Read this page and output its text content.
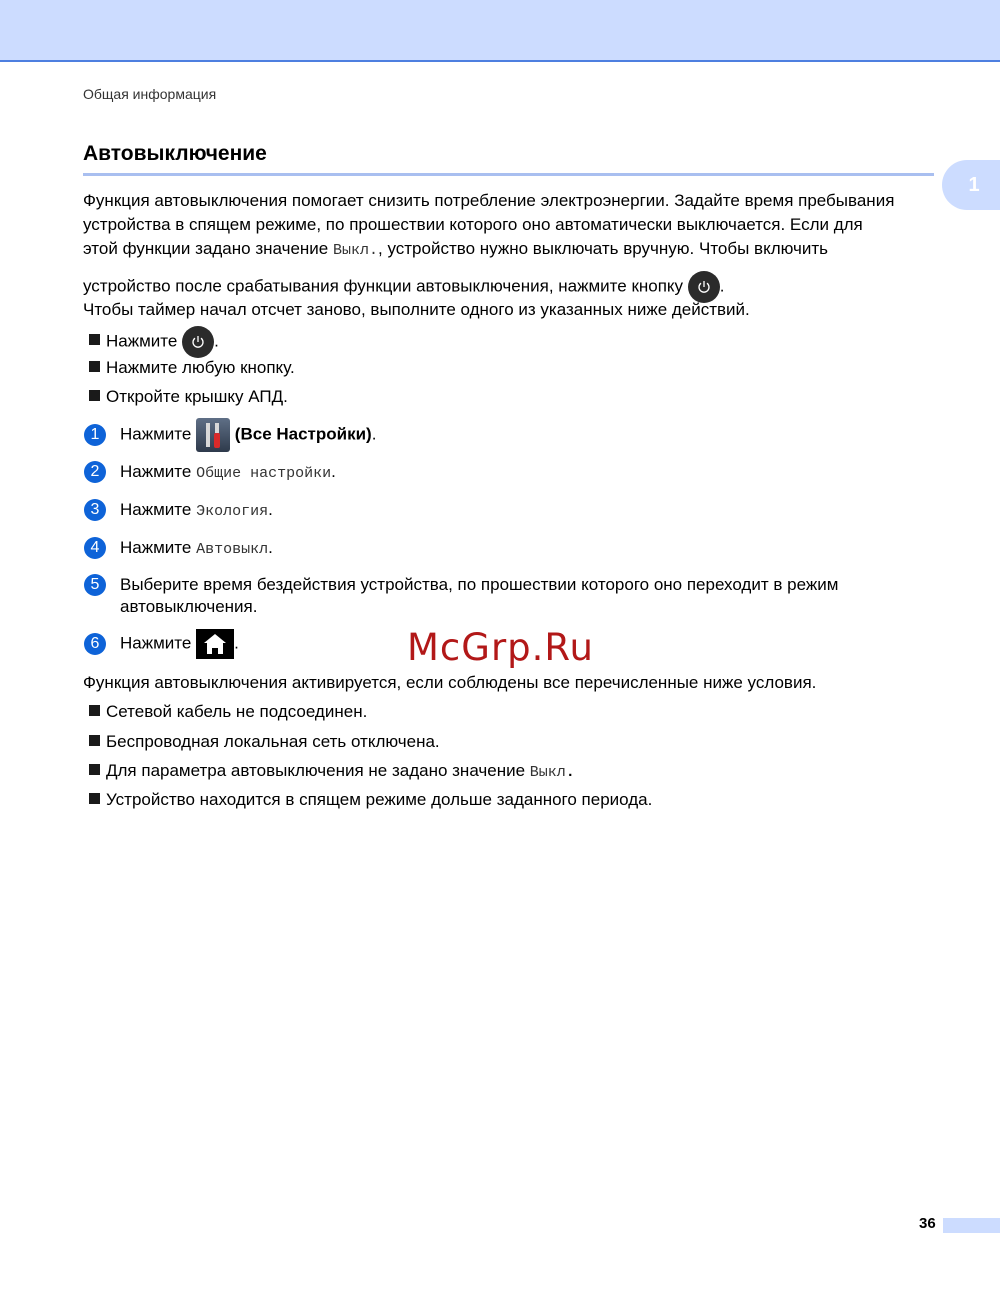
Общая информация
1
Автовыключение
Функция автовыключения помогает снизить потребление электроэнергии. Задайте время пребывания
устройства в спящем режиме, по прошествии которого оно автоматически выключается. Если для
этой функции задано значение Выкл., устройство нужно выключать вручную. Чтобы включить
устройство после срабатывания функции автовыключения, нажмите кнопку
.
Чтобы таймер начал отсчет заново, выполните одного из указанных ниже действий.
Нажмите
.
Нажмите любую кнопку.
Откройте крышку АПД.
1	Нажмите  (Все Настройки).
2	Нажмите Общие настройки.
3	Нажмите Экология.
4	Нажмите Автовыкл.
5	Выберите время бездействия устройства, по прошествии которого оно переходит в режим
автовыключения.
6	Нажмите .	McGrp.Ru
Функция автовыключения активируется, если соблюдены все перечисленные ниже условия.
Сетевой кабель не подсоединен.
Беспроводная локальная сеть отключена.
Для параметра автовыключения не задано значение Выкл.
Устройство находится в спящем режиме дольше заданного периода.
36
